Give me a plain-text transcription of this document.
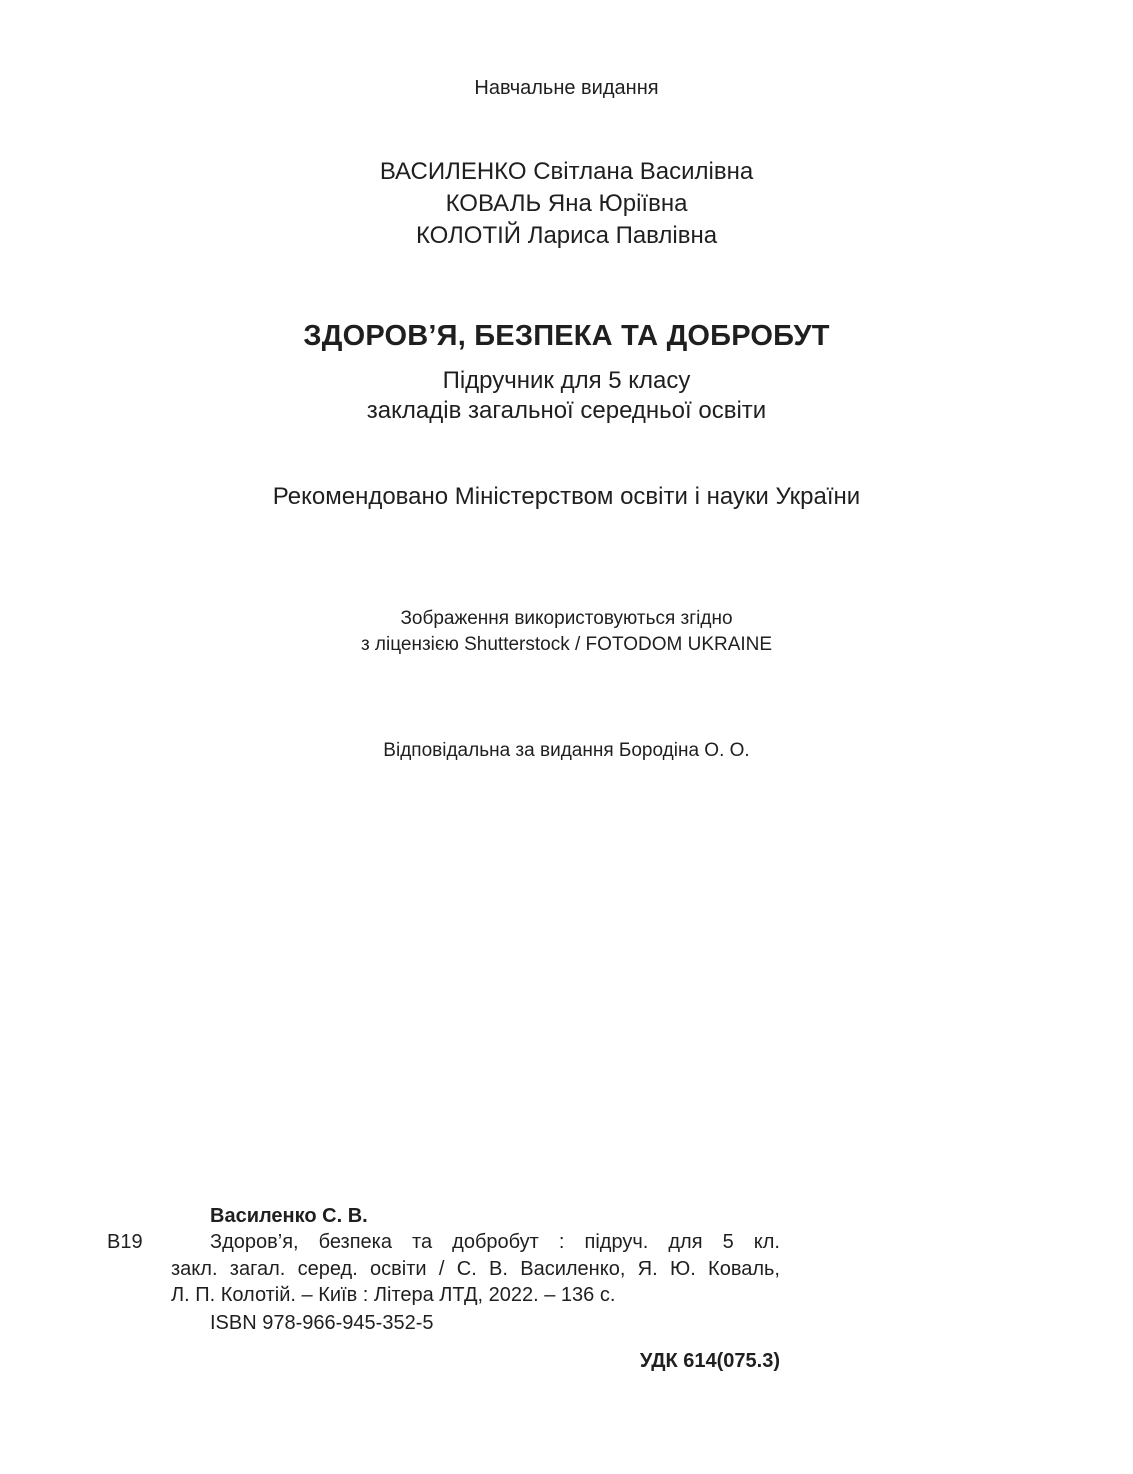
Навчальне видання

ВАСИЛЕНКО Світлана Василівна
КОВАЛЬ Яна Юріївна
КОЛОТІЙ Лариса Павлівна
ЗДОРОВ’Я, БЕЗПЕКА ТА ДОБРОБУТ
Підручник для 5 класу
закладів загальної середньої освіти

Рекомендовано Міністерством освіти і науки України

Зображення використовуються згідно
з ліцензією Shutterstock / FOTODOM UKRAINE

Відповідальна за видання Бородіна О. О.

Василенко С. В.

В19	Здоров’я, безпека та добробут : підруч. для 5 кл.

закл. загал. серед. освіти / С. В. Василенко, Я. Ю. Коваль,

Л. П. Колотій. – Київ : Літера ЛТД, 2022. – 136 с.

ISBN 978-966-945-352-5

УДК 614(075.3)
